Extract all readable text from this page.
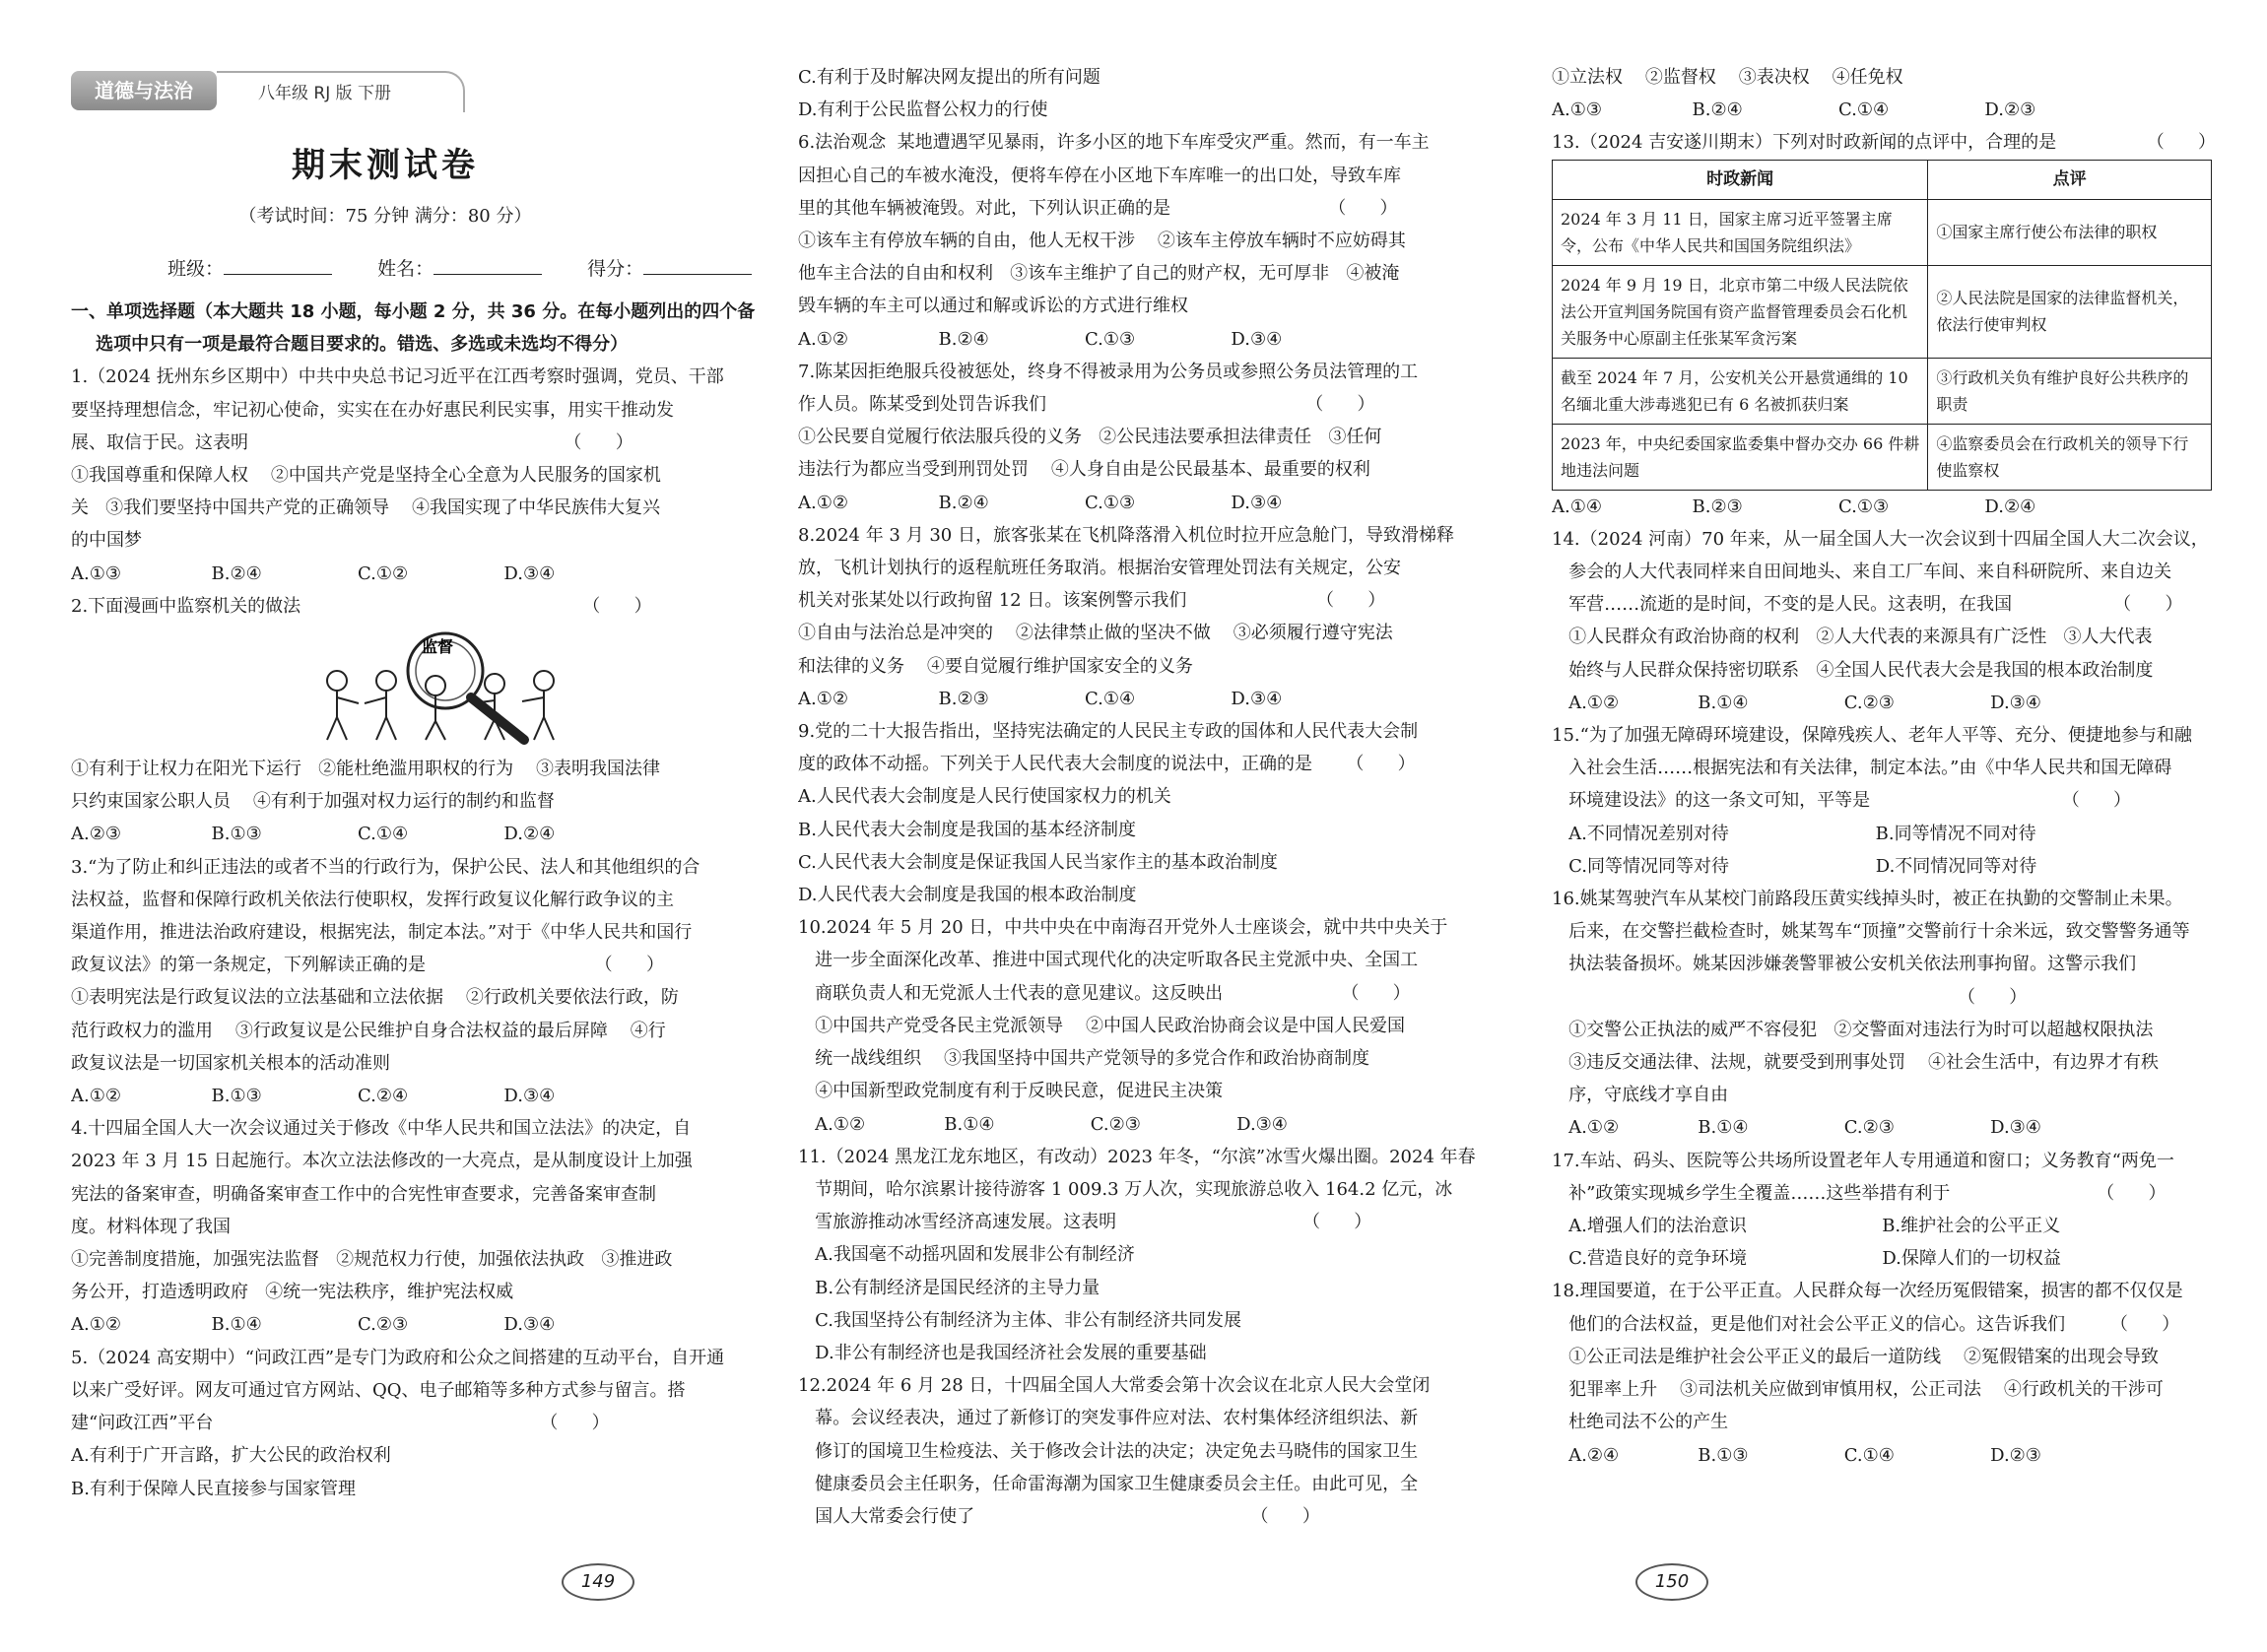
道德与法治	八年级 RJ 版 下册
期末测试卷
（考试时间：75 分钟 满分：80 分）
班级：	姓名：	得分：
一、单项选择题（本大题共 18 小题，每小题 2 分，共 36 分。在每小题列出的四个备
选项中只有一项是最符合题目要求的。错选、多选或未选均不得分）
1.（2024 抚州东乡区期中）中共中央总书记习近平在江西考察时强调，党员、干部
要坚持理想信念，牢记初心使命，实实在在办好惠民利民实事，用实干推动发
展、取信于民。这表明                                                        （      ）
①我国尊重和保障人权    ②中国共产党是坚持全心全意为人民服务的国家机
关   ③我们要坚持中国共产党的正确领导    ④我国实现了中华民族伟大复兴
的中国梦
A.①③                B.②④                 C.①②                 D.③④
2.下面漫画中监察机关的做法                                                  （      ）
监督
①有利于让权力在阳光下运行   ②能杜绝滥用职权的行为    ③表明我国法律
只约束国家公职人员    ④有利于加强对权力运行的制约和监督
A.②③                B.①③                 C.①④                 D.②④
3.“为了防止和纠正违法的或者不当的行政行为，保护公民、法人和其他组织的合
法权益，监督和保障行政机关依法行使职权，发挥行政复议化解行政争议的主
渠道作用，推进法治政府建设，根据宪法，制定本法。”对于《中华人民共和国行
政复议法》的第一条规定，下列解读正确的是                              （      ）
①表明宪法是行政复议法的立法基础和立法依据    ②行政机关要依法行政，防
范行政权力的滥用    ③行政复议是公民维护自身合法权益的最后屏障    ④行
政复议法是一切国家机关根本的活动准则
A.①②                B.①③                 C.②④                 D.③④
4.十四届全国人大一次会议通过关于修改《中华人民共和国立法法》的决定，自
2023 年 3 月 15 日起施行。本次立法法修改的一大亮点，是从制度设计上加强
宪法的备案审查，明确备案审查工作中的合宪性审查要求，完善备案审查制
度。材料体现了我国
①完善制度措施，加强宪法监督   ②规范权力行使，加强依法执政   ③推进政
务公开，打造透明政府   ④统一宪法秩序，维护宪法权威
A.①②                B.①④                 C.②③                 D.③④
5.（2024 高安期中）“问政江西”是专门为政府和公众之间搭建的互动平台，自开通
以来广受好评。网友可通过官方网站、QQ、电子邮箱等多种方式参与留言。搭
建“问政江西”平台                                                          （      ）
A.有利于广开言路，扩大公民的政治权利
B.有利于保障人民直接参与国家管理
C.有利于及时解决网友提出的所有问题
D.有利于公民监督公权力的行使
6.法治观念  某地遭遇罕见暴雨，许多小区的地下车库受灾严重。然而，有一车主
因担心自己的车被水淹没，便将车停在小区地下车库唯一的出口处，导致车库
里的其他车辆被淹毁。对此，下列认识正确的是                            （      ）
①该车主有停放车辆的自由，他人无权干涉    ②该车主停放车辆时不应妨碍其
他车主合法的自由和权利   ③该车主维护了自己的财产权，无可厚非   ④被淹
毁车辆的车主可以通过和解或诉讼的方式进行维权
A.①②                B.②④                 C.①③                 D.③④
7.陈某因拒绝服兵役被惩处，终身不得被录用为公务员或参照公务员法管理的工
作人员。陈某受到处罚告诉我们                                              （      ）
①公民要自觉履行依法服兵役的义务   ②公民违法要承担法律责任   ③任何
违法行为都应当受到刑罚处罚    ④人身自由是公民最基本、最重要的权利
A.①②                B.②④                 C.①③                 D.③④
8.2024 年 3 月 30 日，旅客张某在飞机降落滑入机位时拉开应急舱门，导致滑梯释
放，飞机计划执行的返程航班任务取消。根据治安管理处罚法有关规定，公安
机关对张某处以行政拘留 12 日。该案例警示我们                       （      ）
①自由与法治总是冲突的    ②法律禁止做的坚决不做    ③必须履行遵守宪法
和法律的义务    ④要自觉履行维护国家安全的义务
A.①②                B.②③                 C.①④                 D.③④
9.党的二十大报告指出，坚持宪法确定的人民民主专政的国体和人民代表大会制
度的政体不动摇。下列关于人民代表大会制度的说法中，正确的是      （      ）
A.人民代表大会制度是人民行使国家权力的机关
B.人民代表大会制度是我国的基本经济制度
C.人民代表大会制度是保证我国人民当家作主的基本政治制度
D.人民代表大会制度是我国的根本政治制度
10.2024 年 5 月 20 日，中共中央在中南海召开党外人士座谈会，就中共中央关于
进一步全面深化改革、推进中国式现代化的决定听取各民主党派中央、全国工
商联负责人和无党派人士代表的意见建议。这反映出                     （      ）
①中国共产党受各民主党派领导    ②中国人民政治协商会议是中国人民爱国
统一战线组织    ③我国坚持中国共产党领导的多党合作和政治协商制度
④中国新型政党制度有利于反映民意，促进民主决策
A.①②              B.①④                 C.②③                 D.③④
11.（2024 黑龙江龙东地区，有改动）2023 年冬，“尔滨”冰雪火爆出圈。2024 年春
节期间，哈尔滨累计接待游客 1 009.3 万人次，实现旅游总收入 164.2 亿元，冰
雪旅游推动冰雪经济高速发展。这表明                                 （      ）
A.我国毫不动摇巩固和发展非公有制经济
B.公有制经济是国民经济的主导力量
C.我国坚持公有制经济为主体、非公有制经济共同发展
D.非公有制经济也是我国经济社会发展的重要基础
12.2024 年 6 月 28 日，十四届全国人大常委会第十次会议在北京人民大会堂闭
幕。会议经表决，通过了新修订的突发事件应对法、农村集体经济组织法、新
修订的国境卫生检疫法、关于修改会计法的决定；决定免去马晓伟的国家卫生
健康委员会主任职务，任命雷海潮为国家卫生健康委员会主任。由此可见，全
国人大常委会行使了                                                 （      ）
①立法权    ②监督权    ③表决权    ④任免权
A.①③                B.②④                 C.①④                 D.②③
13.（2024 吉安遂川期末）下列对时政新闻的点评中，合理的是                （      ）
时政新闻	点评
2024 年 3 月 11 日，国家主席习近平签署主席令，公布《中华人民共和国国务院组织法》	①国家主席行使公布法律的职权
2024 年 9 月 19 日，北京市第二中级人民法院依法公开宣判国务院国有资产监督管理委员会石化机关服务中心原副主任张某军贪污案	②人民法院是国家的法律监督机关，依法行使审判权
截至 2024 年 7 月，公安机关公开悬赏通缉的 10 名缅北重大涉毒逃犯已有 6 名被抓获归案	③行政机关负有维护良好公共秩序的职责
2023 年，中央纪委国家监委集中督办交办 66 件耕地违法问题	④监察委员会在行政机关的领导下行使监察权
A.①④                B.②③                 C.①③                 D.②④
14.（2024 河南）70 年来，从一届全国人大一次会议到十四届全国人大二次会议，
参会的人大代表同样来自田间地头、来自工厂车间、来自科研院所、来自边关
军营……流逝的是时间，不变的是人民。这表明，在我国                  （      ）
①人民群众有政治协商的权利   ②人大代表的来源具有广泛性   ③人大代表
始终与人民群众保持密切联系   ④全国人民代表大会是我国的根本政治制度
A.①②              B.①④                 C.②③                 D.③④
15.“为了加强无障碍环境建设，保障残疾人、老年人平等、充分、便捷地参与和融
入社会生活……根据宪法和有关法律，制定本法。”由《中华人民共和国无障碍
环境建设法》的这一条文可知，平等是                                  （      ）
A.不同情况差别对待                          B.同等情况不同对待
C.同等情况同等对待                          D.不同情况同等对待
16.姚某驾驶汽车从某校门前路段压黄实线掉头时，被正在执勤的交警制止未果。
后来，在交警拦截检查时，姚某驾车“顶撞”交警前行十余米远，致交警警务通等
执法装备损坏。姚某因涉嫌袭警罪被公安机关依法刑事拘留。这警示我们
（      ）
①交警公正执法的威严不容侵犯   ②交警面对违法行为时可以超越权限执法
③违反交通法律、法规，就要受到刑事处罚    ④社会生活中，有边界才有秩
序，守底线才享自由
A.①②              B.①④                 C.②③                 D.③④
17.车站、码头、医院等公共场所设置老年人专用通道和窗口；义务教育“两免一
补”政策实现城乡学生全覆盖……这些举措有利于                          （      ）
A.增强人们的法治意识                        B.维护社会的公平正义
C.营造良好的竞争环境                        D.保障人们的一切权益
18.理国要道，在于公平正直。人民群众每一次经历冤假错案，损害的都不仅仅是
他们的合法权益，更是他们对社会公平正义的信心。这告诉我们        （      ）
①公正司法是维护社会公平正义的最后一道防线    ②冤假错案的出现会导致
犯罪率上升    ③司法机关应做到审慎用权，公正司法    ④行政机关的干涉可
杜绝司法不公的产生
A.②④              B.①③                 C.①④                 D.②③
149	150
